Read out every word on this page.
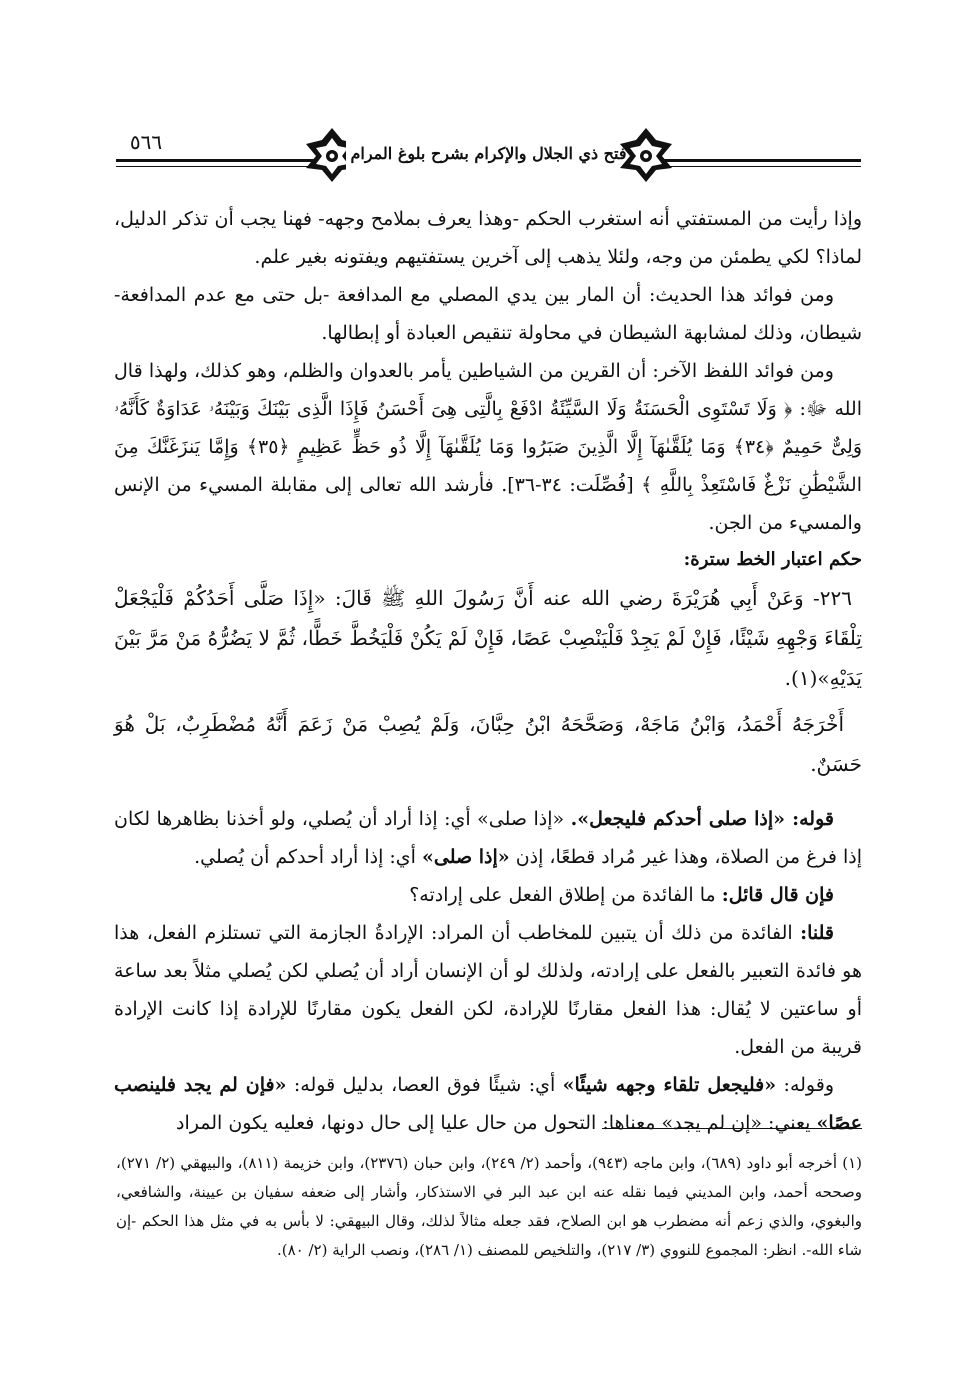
٥٦٦	فتح ذي الجلال والإكرام بشرح بلوغ المرام

وإذا رأيت من المستفتي أنه استغرب الحكم -وهذا يعرف بملامح وجهه- فهنا يجب أن تذكر الدليل، لماذا؟ لكي يطمئن من وجه، ولئلا يذهب إلى آخرين يستفتيهم ويفتونه بغير علم.

ومن فوائد هذا الحديث: أن المار بين يدي المصلي مع المدافعة -بل حتى مع عدم المدافعة- شيطان، وذلك لمشابهة الشيطان في محاولة تنقيص العبادة أو إبطالها.

ومن فوائد اللفظ الآخر: أن القرين من الشياطين يأمر بالعدوان والظلم، وهو كذلك، ولهذا قال الله ﷻ: ﴿ وَلَا تَسْتَوِى الْحَسَنَةُ وَلَا السَّيِّئَةُ ادْفَعْ بِالَّتِى هِىَ أَحْسَنُ فَإِذَا الَّذِى بَيْنَكَ وَبَيْنَهُۥ عَدَاوَةٌ كَأَنَّهُۥ وَلِىٌّ حَمِيمٌ ﴿٣٤﴾ وَمَا يُلَقَّىٰهَآ إِلَّا الَّذِينَ صَبَرُوا وَمَا يُلَقَّىٰهَآ إِلَّا ذُو حَظٍّ عَظِيمٍ ﴿٣٥﴾ وَإِمَّا يَنزَغَنَّكَ مِنَ الشَّيْطَٰنِ نَزْغٌ فَاسْتَعِذْ بِاللَّهِ ﴾ [فُصِّلَت: ٣٤-٣٦]. فأرشد الله تعالى إلى مقابلة المسيء من الإنس والمسيء من الجن.

حكم اعتبار الخط سترة:

٢٢٦- وَعَنْ أَبِي هُرَيْرَةَ رضي الله عنه أَنَّ رَسُولَ اللهِ ﷺ قَالَ: «إِذَا صَلَّى أَحَدُكُمْ فَلْيَجْعَلْ تِلْقَاءَ وَجْهِهِ شَيْئًا، فَإِنْ لَمْ يَجِدْ فَلْيَنْصِبْ عَصًا، فَإِنْ لَمْ يَكُنْ فَلْيَخُطَّ خَطًّا، ثُمَّ لا يَضُرُّهُ مَنْ مَرَّ بَيْنَ يَدَيْهِ»(١).

أَخْرَجَهُ أَحْمَدُ، وَابْنُ مَاجَهْ، وَصَحَّحَهُ ابْنُ حِبَّانَ، وَلَمْ يُصِبْ مَنْ زَعَمَ أَنَّهُ مُضْطَرِبٌ، بَلْ هُوَ حَسَنٌ.

قوله: «إذا صلى أحدكم فليجعل». «إذا صلى» أي: إذا أراد أن يُصلي، ولو أخذنا بظاهرها لكان إذا فرغ من الصلاة، وهذا غير مُراد قطعًا، إذن «إذا صلى» أي: إذا أراد أحدكم أن يُصلي.

فإن قال قائل: ما الفائدة من إطلاق الفعل على إرادته؟

قلنا: الفائدة من ذلك أن يتبين للمخاطب أن المراد: الإرادةُ الجازمة التي تستلزم الفعل، هذا هو فائدة التعبير بالفعل على إرادته، ولذلك لو أن الإنسان أراد أن يُصلي لكن يُصلي مثلاً بعد ساعة أو ساعتين لا يُقال: هذا الفعل مقارنًا للإرادة، لكن الفعل يكون مقارنًا للإرادة إذا كانت الإرادة قريبة من الفعل.

وقوله: «فليجعل تلقاء وجهه شيئًا» أي: شيئًا فوق العصا، بدليل قوله: «فإن لم يجد فلينصب عصًا» يعني: «إن لم يجد» معناها: التحول من حال عليا إلى حال دونها، فعليه يكون المراد

(١) أخرجه أبو داود (٦٨٩)، وابن ماجه (٩٤٣)، وأحمد (٢/ ٢٤٩)، وابن حبان (٢٣٧٦)، وابن خزيمة (٨١١)، والبيهقي (٢/ ٢٧١)، وصححه أحمد، وابن المديني فيما نقله عنه ابن عبد البر في الاستذكار، وأشار إلى ضعفه سفيان بن عيينة، والشافعي، والبغوي، والذي زعم أنه مضطرب هو ابن الصلاح، فقد جعله مثالاً لذلك، وقال البيهقي: لا بأس به في مثل هذا الحكم -إن شاء الله-. انظر: المجموع للنووي (٣/ ٢١٧)، والتلخيص للمصنف (١/ ٢٨٦)، ونصب الراية (٢/ ٨٠).
